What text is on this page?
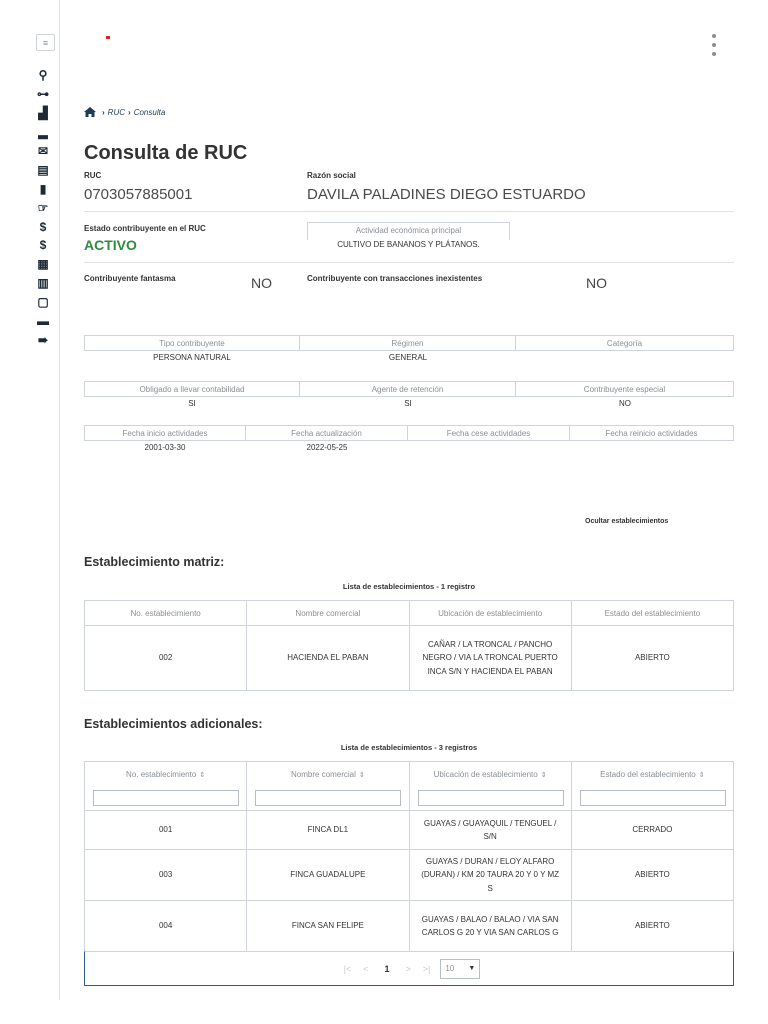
≡
⚲
⊶
▟
▂
✉
▤
▮
☞
$
$
▦
▥
▢
▬
➠
› RUC › Consulta
Consulta de RUC
RUC
0703057885001
Razón social
DAVILA PALADINES DIEGO ESTUARDO
Estado contribuyente en el RUC
ACTIVO
Actividad económica principal
CULTIVO DE BANANOS Y PLÁTANOS.
Contribuyente fantasma	NO	Contribuyente con transacciones inexistentes	NO
Tipo contribuyente	Régimen	Categoría
PERSONA NATURAL	GENERAL
Obligado a llevar contabilidad	Agente de retención	Contribuyente especial
SI	SI	NO
Fecha inicio actividades	Fecha actualización	Fecha cese actividades	Fecha reinicio actividades
2001-03-30	2022-05-25
Ocultar establecimientos
Establecimiento matriz:
Lista de establecimientos - 1 registro
No. establecimiento	Nombre comercial	Ubicación de establecimiento	Estado del establecimiento
002	HACIENDA EL PABAN	CAÑAR / LA TRONCAL / PANCHO NEGRO / VIA LA TRONCAL PUERTO INCA S/N Y HACIENDA EL PABAN	ABIERTO
Establecimientos adicionales:
Lista de establecimientos - 3 registros
No. establecimiento ⇕	Nombre comercial ⇕	Ubicación de establecimiento ⇕	Estado del establecimiento ⇕

001	FINCA DL1	GUAYAS / GUAYAQUIL / TENGUEL / S/N	CERRADO
003	FINCA GUADALUPE	GUAYAS / DURAN / ELOY ALFARO (DURAN) / KM 20 TAURA 20 Y 0 Y MZ S	ABIERTO
004	FINCA SAN FELIPE	GUAYAS / BALAO / BALAO / VIA SAN CARLOS G 20 Y VIA SAN CARLOS G	ABIERTO
|< < 1 > >| 10 ▼
